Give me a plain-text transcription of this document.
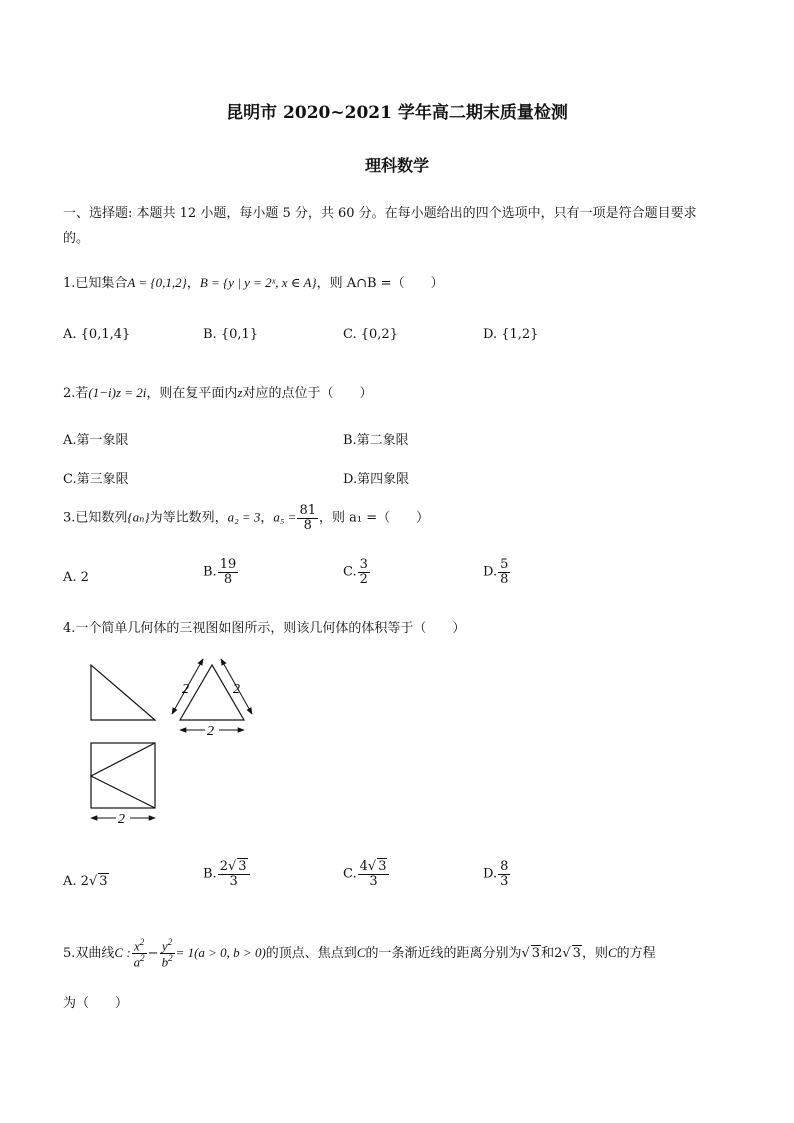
昆明市 2020~2021 学年高二期末质量检测
理科数学
一、选择题: 本题共 12 小题，每小题 5 分，共 60 分。在每小题给出的四个选项中，只有一项是符合题目要求
的。
1.已知集合A = {0,1,2}，B = {y | y = 2ˣ, x ∈ A}，则 A∩B =（　　）
A. {0,1,4}	B. {0,1}	C. {0,2}	D. {1,2}
2.若(1−i)z = 2i，则在复平面内z对应的点位于（　　）
A.第一象限	B.第二象限
C.第三象限	D.第四象限
3.已知数列{aₙ}为等比数列，a₂ = 3，$a_5 = \frac{81}{8}$ ，则 a₁ =（　　）
A. 2	B. $\frac{19}{8}$	C. $\frac{3}{2}$	D. $\frac{5}{8}$
4.一个简单几何体的三视图如图所示，则该几何体的体积等于（　　）
2	2
2
2
A. 2√ 3	B. $\frac{2√ 3}{3}$	C. $\frac{4√ 3}{3}$	D. $\frac{8}{3}$
5.双曲线C : $\frac{x^2}{a^2} - \frac{y^2}{b^2} = 1(a > 0$, b > 0)的顶点、焦点到C的一条渐近线的距离分别为√ 3和2√ 3，则C的方程
为（　　）
